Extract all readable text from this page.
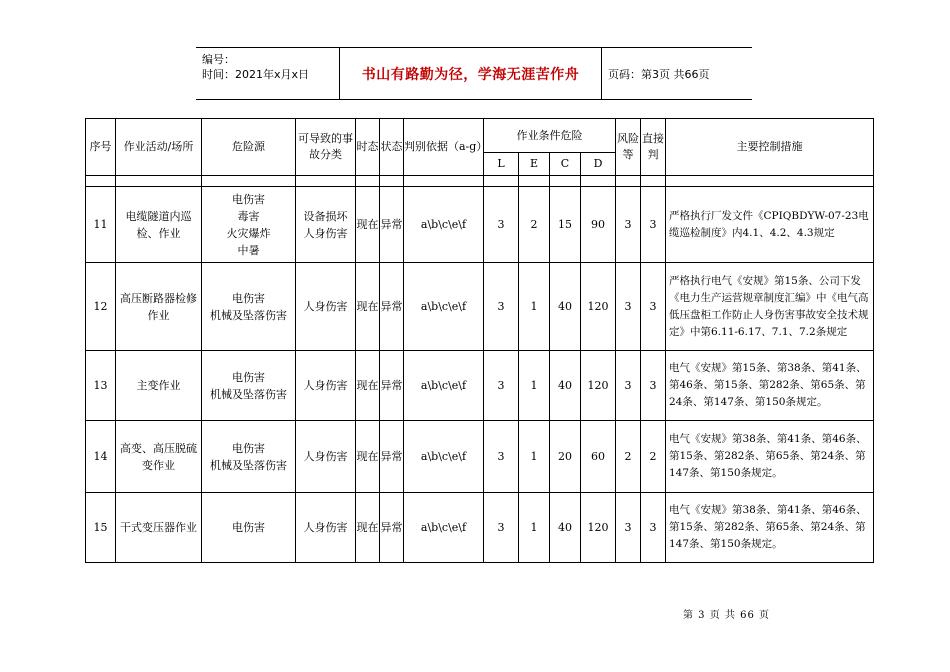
编号：
时间：2021年x月x日	书山有路勤为径，学海无涯苦作舟	页码：第3页 共66页
序号	作业活动/场所	危险源	可导致的事故分类	时态	状态	判别依据（a-g）	作业条件危险				风险等	直接判	主要控制措施
							L	E	C	D			

11	电缆隧道内巡检、作业	电伤害
毒害
火灾爆炸
中暑	设备损坏
人身伤害	现在	异常	a\b\c\e\f	3	2	15	90	3	3	严格执行厂发文件《CPIQBDYW-07-23电缆巡检制度》内4.1、4.2、4.3规定
12	高压断路器检修作业	电伤害
机械及坠落伤害	人身伤害	现在	异常	a\b\c\e\f	3	1	40	120	3	3	严格执行电气《安规》第15条、公司下发《电力生产运营规章制度汇编》中《电气高低压盘柜工作防止人身伤害事故安全技术规定》中第6.11-6.17、7.1、7.2条规定
13	主变作业	电伤害
机械及坠落伤害	人身伤害	现在	异常	a\b\c\e\f	3	1	40	120	3	3	电气《安规》第15条、第38条、第41条、第46条、第15条、第282条、第65条、第24条、第147条、第150条规定。
14	高变、高压脱硫变作业	电伤害
机械及坠落伤害	人身伤害	现在	异常	a\b\c\e\f	3	1	20	60	2	2	电气《安规》第38条、第41条、第46条、第15条、第282条、第65条、第24条、第147条、第150条规定。
15	干式变压器作业	电伤害	人身伤害	现在	异常	a\b\c\e\f	3	1	40	120	3	3	电气《安规》第38条、第41条、第46条、第15条、第282条、第65条、第24条、第147条、第150条规定。
第 3 页 共 66 页
